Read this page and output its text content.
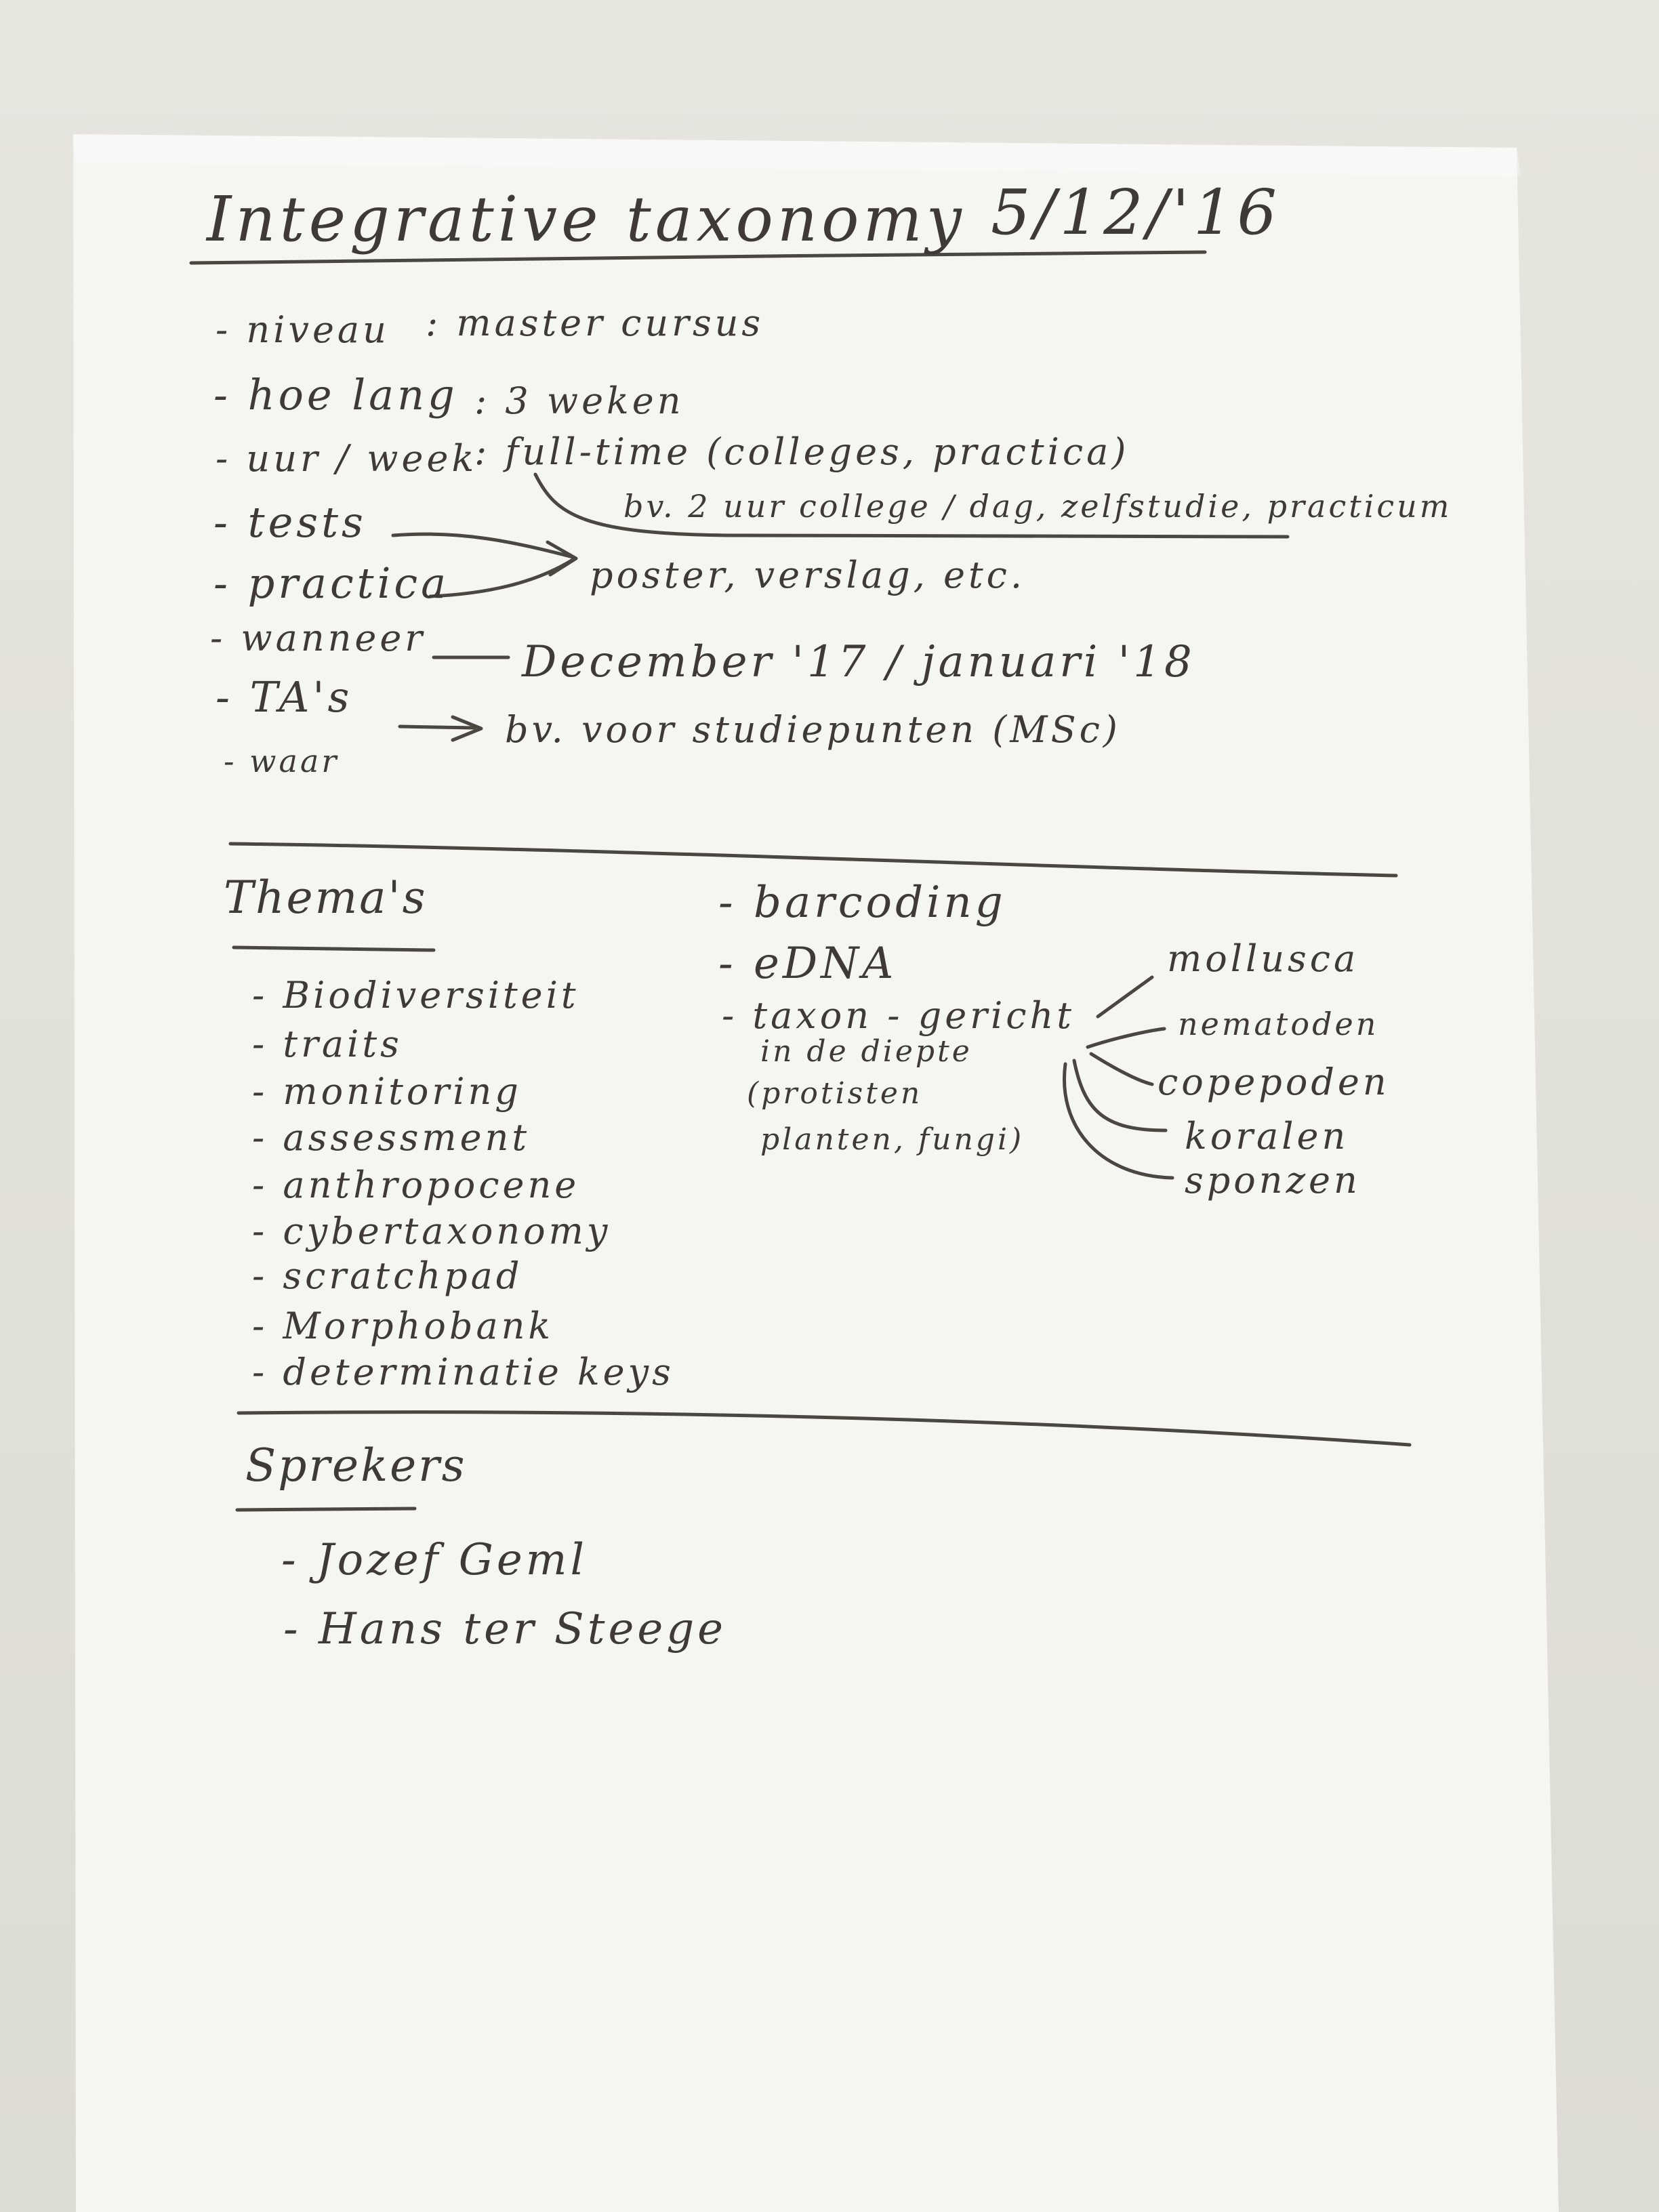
Integrative taxonomy 5/12/'16
- niveau : master cursus
- hoe lang : 3 weken
- uur / week
: full-time (colleges, practica)
bv. 2 uur college / dag, zelfstudie, practicum
- tests
- practica	poster, verslag, etc.
- wanneer December '17 / januari '18
- TA's
bv. voor studiepunten (MSc)
- waar
Thema's
- Biodiversiteit
- traits
- monitoring
- assessment
- anthropocene
- cybertaxonomy
- scratchpad
- Morphobank
- determinatie keys
- barcoding
- eDNA
- taxon - gericht
in de diepte
(protisten
planten, fungi)
mollusca
nematoden
copepoden
koralen
sponzen
Sprekers
- Jozef Geml
- Hans ter Steege
